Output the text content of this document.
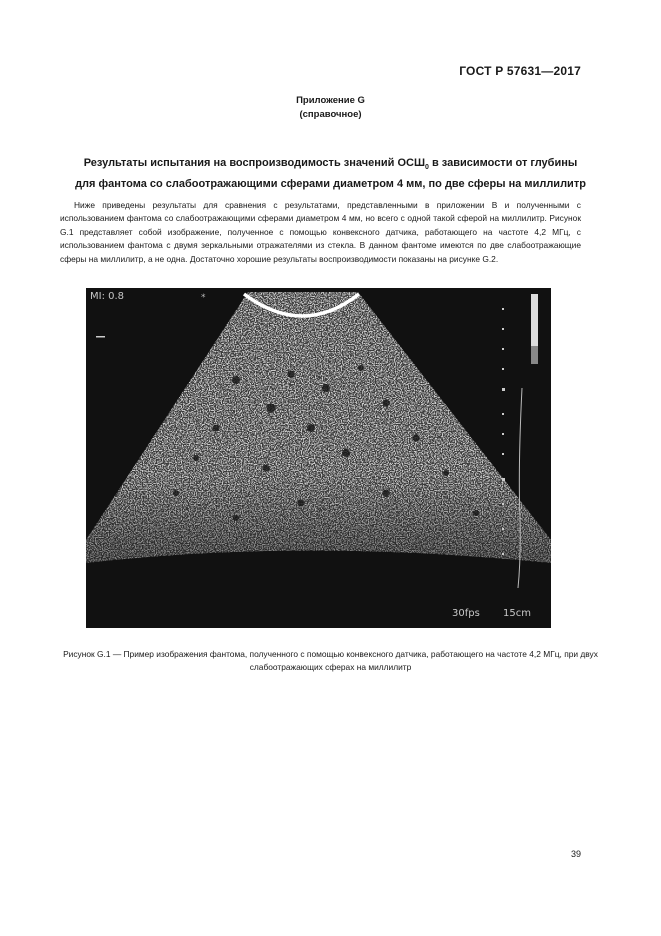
ГОСТ Р 57631—2017
Приложение G
(справочное)
Результаты испытания на воспроизводимость значений $ОСШ_0$ в зависимости от глубины
для фантома со слабоотражающими сферами диаметром 4 мм, по две сферы на миллилитр

Ниже приведены результаты для сравнения с результатами, представленными в приложении В и полученными с использованием фантома со слабоотражающими сферами диаметром 4 мм, но всего с одной такой сферой на миллилитр. Рисунок G.1 представляет собой изображение, полученное с помощью конвексного датчика, работающего на частоте 4,2 МГц, с использованием фантома с двумя зеркальными отражателями из стекла. В данном фантоме имеются по две слабоотражающие сферы на миллилитр, а не одна. Достаточно хорошие результаты воспроизводимости показаны на рисунке G.2.

*
MI: 0.8
30fps 15cm

Рисунок G.1 — Пример изображения фантома, полученного с помощью конвексного датчика, работающего на частоте 4,2 МГц, при двух слабоотражающих сферах на миллилитр

39
